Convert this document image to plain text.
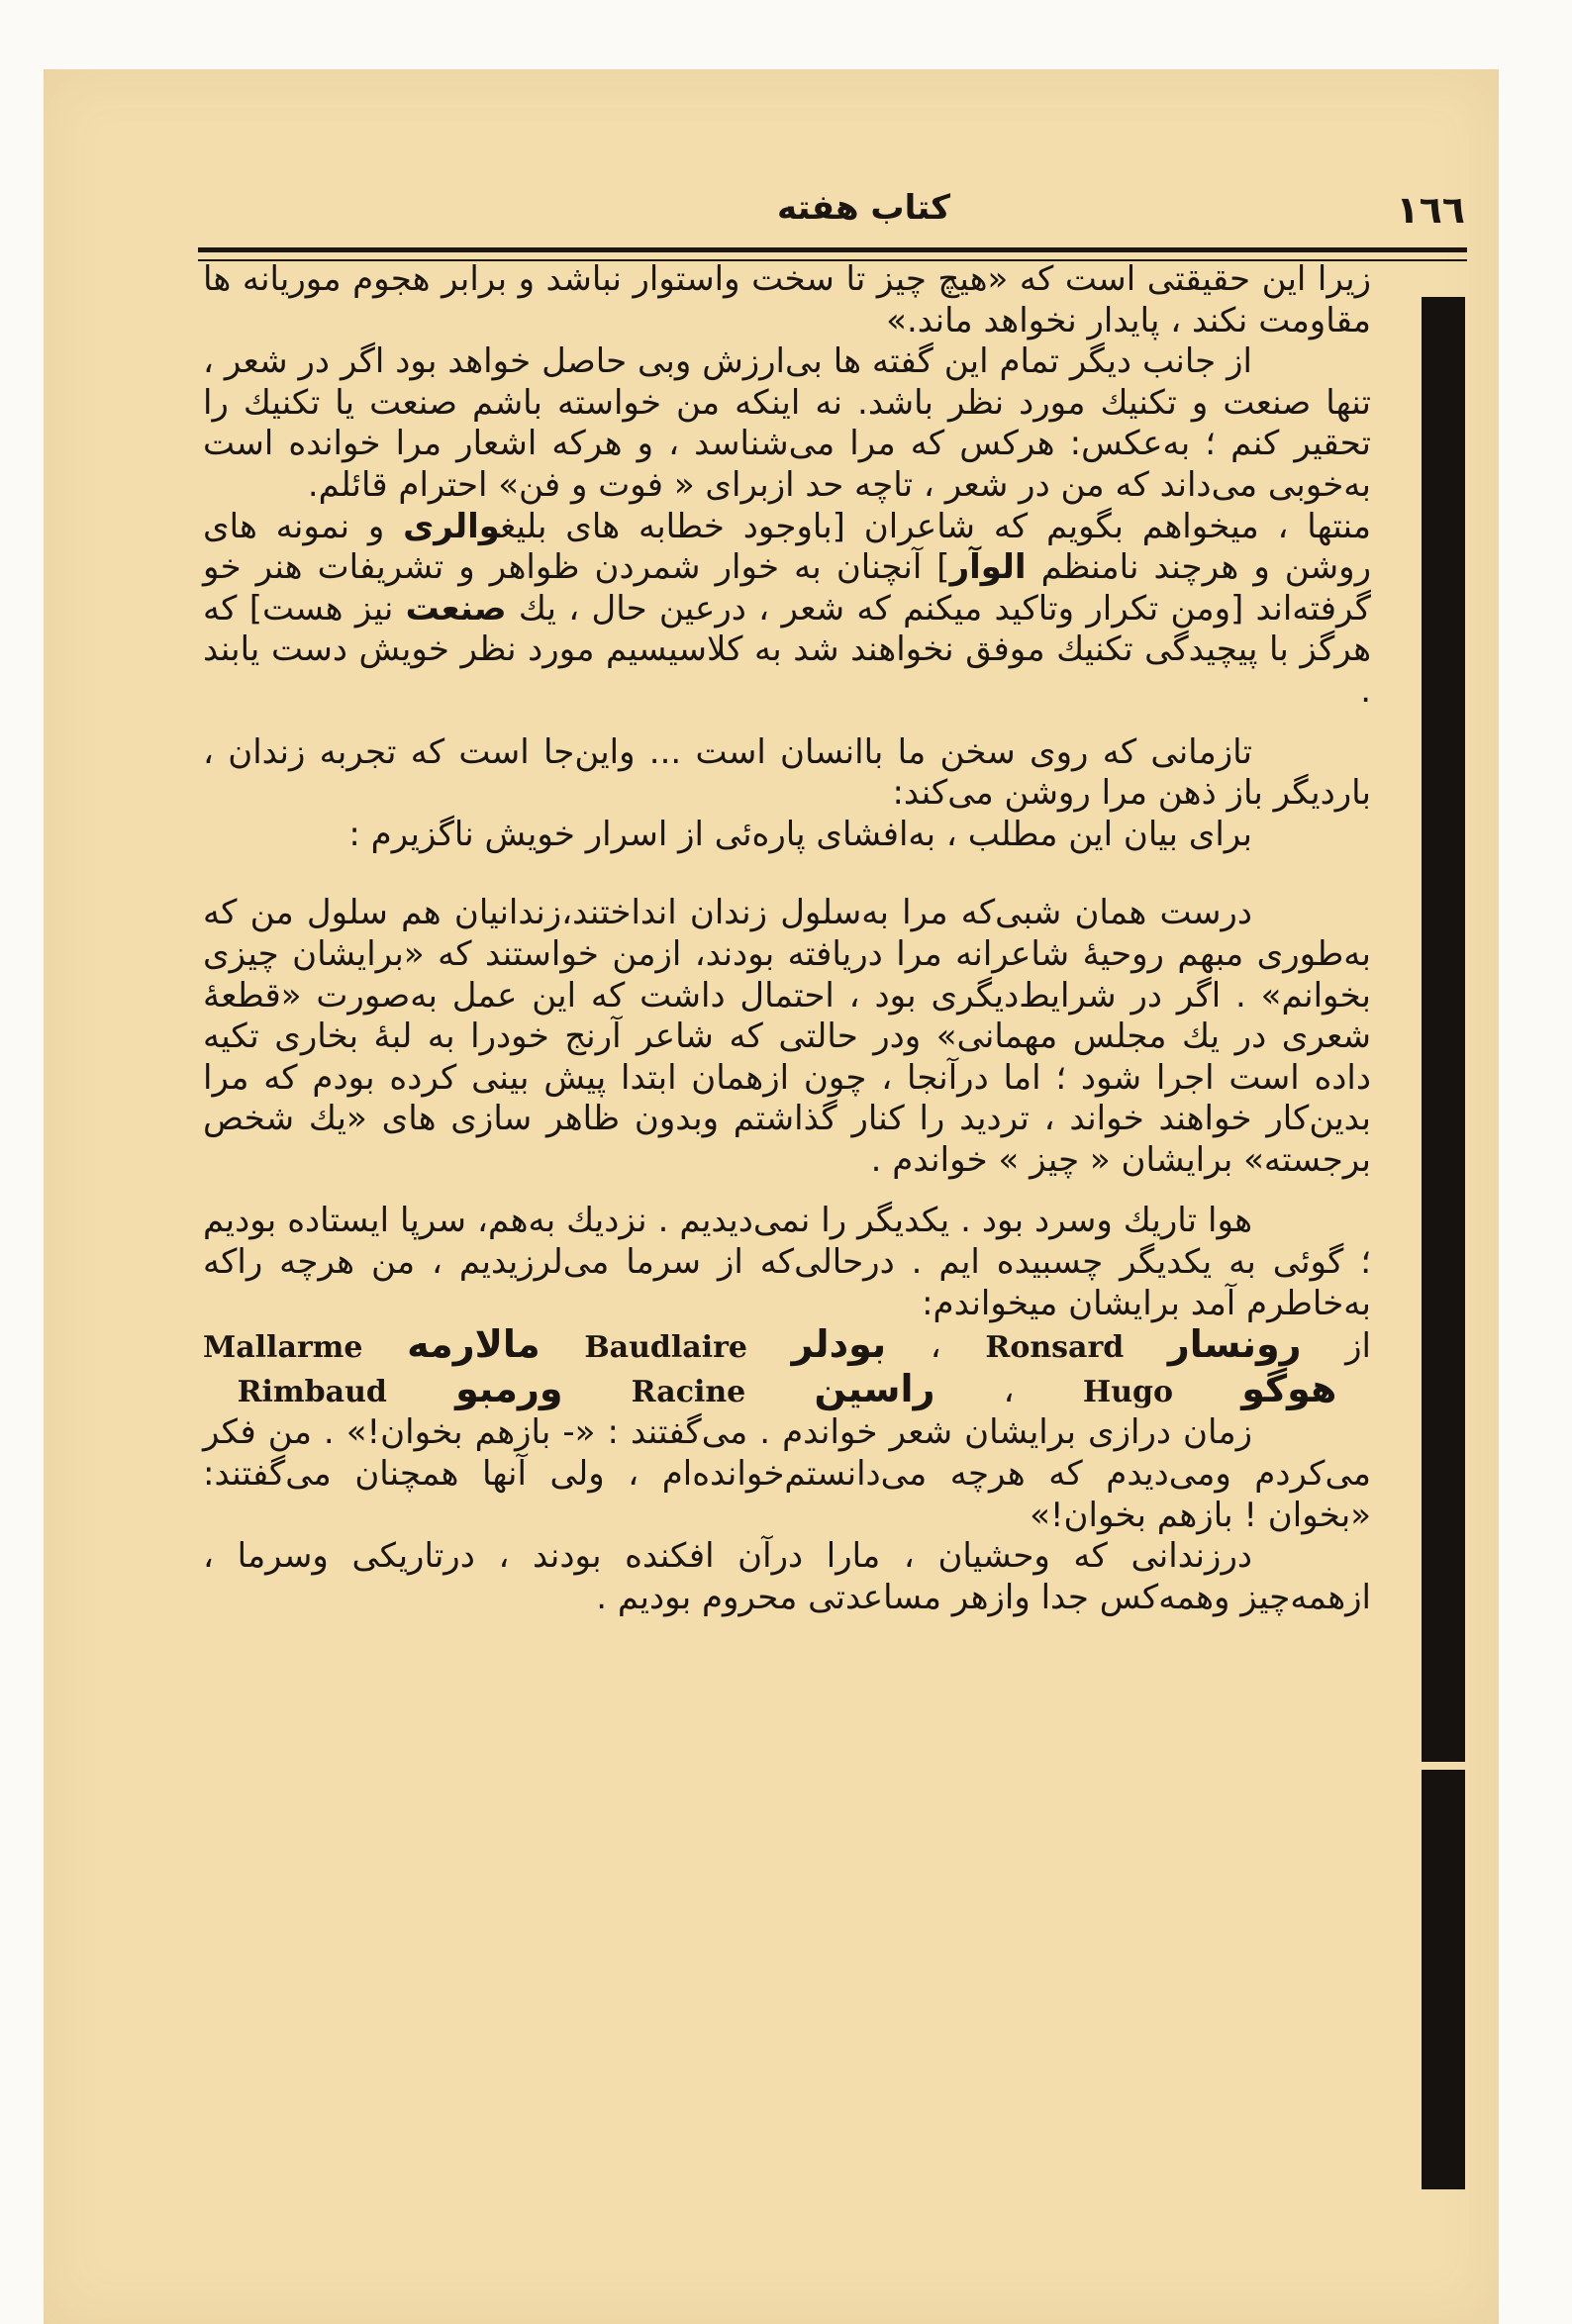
١٦٦
کتاب هفته

زیرا این حقیقتی است که «هیچ چیز تا سخت واستوار نباشد و برابر هجوم موریانه ها مقاومت نکند ، پایدار نخواهد ماند.»

از جانب دیگر تمام این گفته ها بی‌ارزش وبی حاصل خواهد بود اگر در شعر ، تنها صنعت و تکنیك مورد نظر باشد. نه اینکه من خواسته باشم صنعت یا تکنیك را تحقیر کنم ؛ به‌عکس: هرکس که مرا می‌شناسد ، و هرکه اشعار مرا خوانده است به‌خوبی می‌داند که من در شعر ، تاچه حد ازبرای « فوت و فن» احترام قائلم.

منتها ، میخواهم بگویم که شاعران [باوجود خطابه های بلیغوالری و نمونه های روشن و هرچند نامنظم الوآر] آنچنان به خوار شمردن ظواهر و تشریفات هنر خو گرفته‌اند [ومن تکرار وتاکید میکنم که شعر ، درعین حال ، یك صنعت نیز هست] که هرگز با پیچیدگی تکنیك موفق نخواهند شد به کلاسیسیم مورد نظر خویش دست یابند .

تازمانی که روی سخن ما باانسان است ... واین‌جا است که تجربه زندان ، باردیگر باز ذهن مرا روشن می‌کند:

برای بیان این مطلب ، به‌افشای پاره‌ئی از اسرار خویش ناگزیرم :

درست همان شبی‌که مرا به‌سلول زندان انداختند،زندانیان هم سلول من که به‌طوری مبهم روحیهٔ شاعرانه مرا دریافته بودند، ازمن خواستند که «برایشان چیزی بخوانم» . اگر در شرایط‌دیگری بود ، احتمال داشت که این عمل به‌صورت «قطعهٔ شعری در یك مجلس مهمانی» ودر حالتی که شاعر آرنج خودرا به لبهٔ بخاری تکیه داده است اجرا شود ؛ اما درآنجا ، چون ازهمان ابتدا پیش بینی کرده بودم که مرا بدین‌کار خواهند خواند ، تردید را کنار گذاشتم وبدون ظاهر سازی های «یك شخص برجسته» برایشان « چیز » خواندم .

هوا تاریك وسرد بود . یکدیگر را نمی‌دیدیم . نزدیك به‌هم، سرپا ایستاده بودیم ؛ گوئی به یکدیگر چسبیده ایم . درحالی‌که از سرما می‌لرزیدیم ، من هرچه راکه به‌خاطرم آمد برایشان میخواندم:

Mallarme مالارمه Baudlaire بودلر ، Ronsard رونسار از
Rimbaud ورمبو Racine راسین ، Hugo هوگو

زمان درازی برایشان شعر خواندم . می‌گفتند : «- بازهم بخوان!» . من فکر می‌کردم ومی‌دیدم که هرچه می‌دانستم‌خوانده‌ام ، ولی آنها همچنان می‌گفتند: «بخوان ! بازهم بخوان!»

درزندانی که وحشیان ، مارا درآن افکنده بودند ، درتاریکی وسرما ، ازهمه‌چیز وهمه‌کس جدا وازهر مساعدتی محروم بودیم .
